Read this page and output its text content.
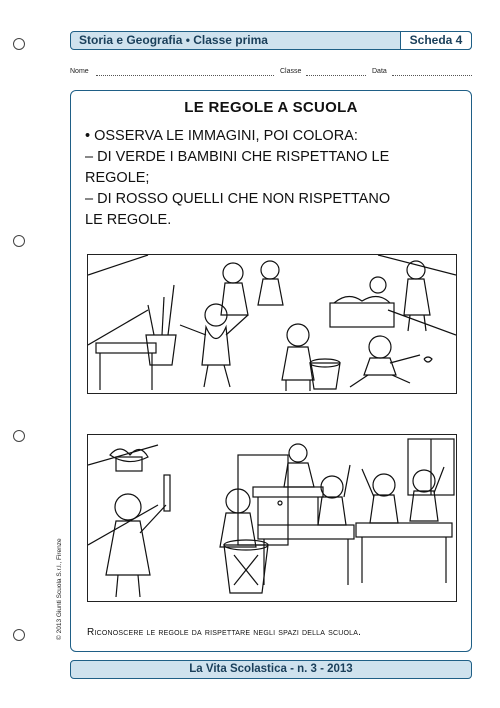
Storia e Geografia • Classe prima	Scheda 4
Nome	Classe	Data
LE REGOLE A SCUOLA
• OSSERVA LE IMMAGINI, POI COLORA:
– DI VERDE I BAMBINI CHE RISPETTANO LE
REGOLE;
– DI ROSSO QUELLI CHE NON RISPETTANO
LE REGOLE.
Riconoscere le regole da rispettare negli spazi della scuola.
© 2013 Giunti Scuola S.r.l., Firenze
La Vita Scolastica - n. 3 - 2013
